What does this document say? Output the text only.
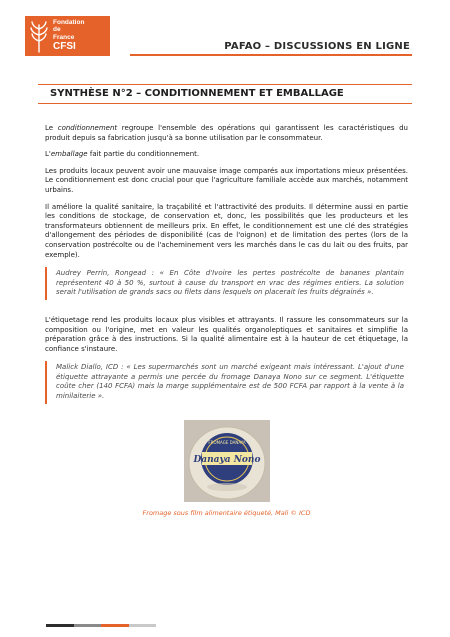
Fondation
de
France
CFSI	PAFAO – DISCUSSIONS EN LIGNE
SYNTHÈSE N°2 – CONDITIONNEMENT ET EMBALLAGE

Le conditionnement regroupe l'ensemble des opérations qui garantissent les caractéristiques du produit depuis sa fabrication jusqu'à sa bonne utilisation par le consommateur.

L'emballage fait partie du conditionnement.

Les produits locaux peuvent avoir une mauvaise image comparés aux importations mieux présentées. Le conditionnement est donc crucial pour que l'agriculture familiale accède aux marchés, notamment urbains.

Il améliore la qualité sanitaire, la traçabilité et l'attractivité des produits. Il détermine aussi en partie les conditions de stockage, de conservation et, donc, les possibilités que les producteurs et les transformateurs obtiennent de meilleurs prix. En effet, le conditionnement est une clé des stratégies d'allongement des périodes de disponibilité (cas de l'oignon) et de limitation des pertes (lors de la conservation postrécolte ou de l'acheminement vers les marchés dans le cas du lait ou des fruits, par exemple).

Audrey Perrin, Rongead : « En Côte d'Ivoire les pertes postrécolte de bananes plantain représentent 40 à 50 %, surtout à cause du transport en vrac des régimes entiers. La solution serait l'utilisation de grands sacs ou filets dans lesquels on placerait les fruits dégrainés ».

L'étiquetage rend les produits locaux plus visibles et attrayants. Il rassure les consommateurs sur la composition ou l'origine, met en valeur les qualités organoleptiques et sanitaires et simplifie la préparation grâce à des instructions. Si la qualité alimentaire est à la hauteur de cet étiquetage, la confiance s'instaure.

Malick Diallo, ICD : « Les supermarchés sont un marché exigeant mais intéressant. L'ajout d'une étiquette attrayante a permis une percée du fromage Danaya Nono sur ce segment. L'étiquette coûte cher (140 FCFA) mais la marge supplémentaire est de 500 FCFA par rapport à la vente à la minilaiterie ».
Danaya Nono
FROMAGE DANAYA
Fromage sous film alimentaire étiqueté, Mali © ICD
